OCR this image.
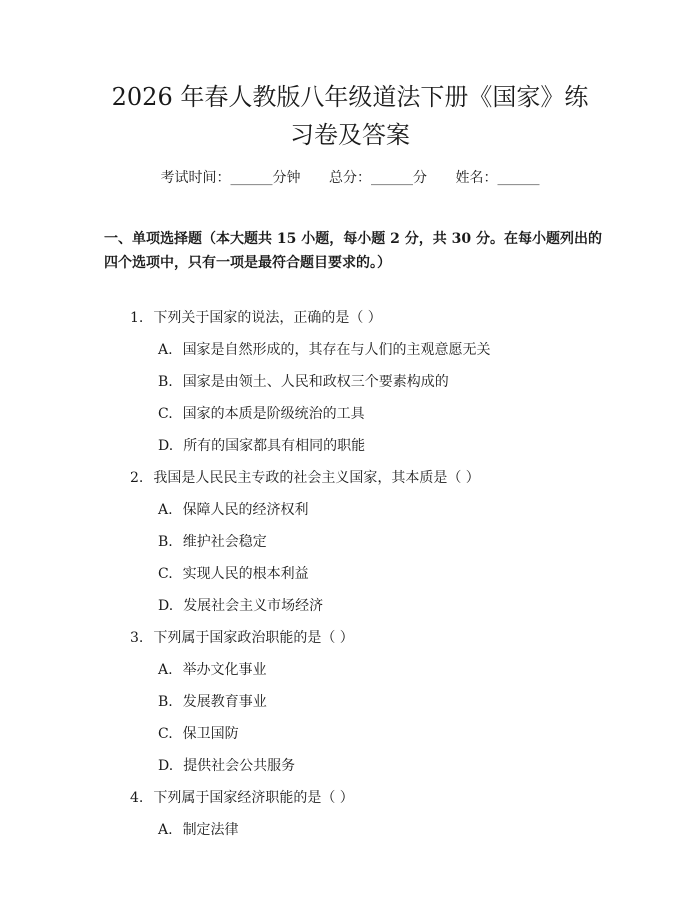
2026 年春人教版八年级道法下册《国家》练
习卷及答案
考试时间：______分钟 总分：______分 姓名：______
一、单项选择题（本大题共 15 小题，每小题 2 分，共 30 分。在每小题列出的四个选项中，只有一项是最符合题目要求的。）
1. 下列关于国家的说法，正确的是（ ）
A. 国家是自然形成的，其存在与人们的主观意愿无关
B. 国家是由领土、人民和政权三个要素构成的
C. 国家的本质是阶级统治的工具
D. 所有的国家都具有相同的职能
2. 我国是人民民主专政的社会主义国家，其本质是（ ）
A. 保障人民的经济权利
B. 维护社会稳定
C. 实现人民的根本利益
D. 发展社会主义市场经济
3. 下列属于国家政治职能的是（ ）
A. 举办文化事业
B. 发展教育事业
C. 保卫国防
D. 提供社会公共服务
4. 下列属于国家经济职能的是（ ）
A. 制定法律
